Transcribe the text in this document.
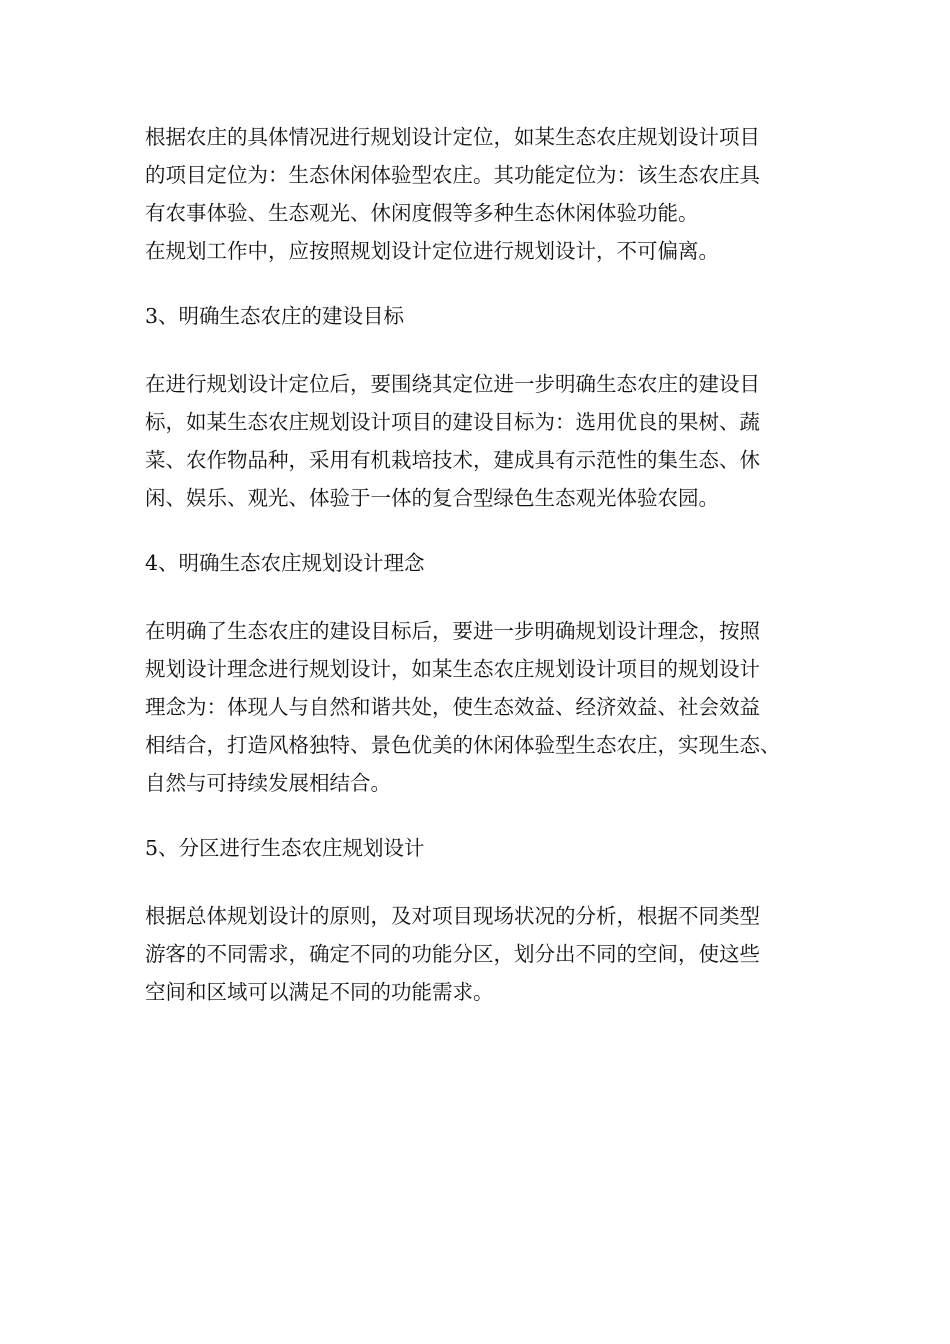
根据农庄的具体情况进行规划设计定位，如某生态农庄规划设计项目
的项目定位为：生态休闲体验型农庄。其功能定位为：该生态农庄具
有农事体验、生态观光、休闲度假等多种生态休闲体验功能。

在规划工作中，应按照规划设计定位进行规划设计，不可偏离。

3、明确生态农庄的建设目标

在进行规划设计定位后，要围绕其定位进一步明确生态农庄的建设目
标，如某生态农庄规划设计项目的建设目标为：选用优良的果树、蔬
菜、农作物品种，采用有机栽培技术，建成具有示范性的集生态、休
闲、娱乐、观光、体验于一体的复合型绿色生态观光体验农园。

4、明确生态农庄规划设计理念

在明确了生态农庄的建设目标后，要进一步明确规划设计理念，按照
规划设计理念进行规划设计，如某生态农庄规划设计项目的规划设计
理念为：体现人与自然和谐共处，使生态效益、经济效益、社会效益
相结合，打造风格独特、景色优美的休闲体验型生态农庄，实现生态、
自然与可持续发展相结合。

5、分区进行生态农庄规划设计

根据总体规划设计的原则，及对项目现场状况的分析，根据不同类型
游客的不同需求，确定不同的功能分区，划分出不同的空间，使这些
空间和区域可以满足不同的功能需求。
